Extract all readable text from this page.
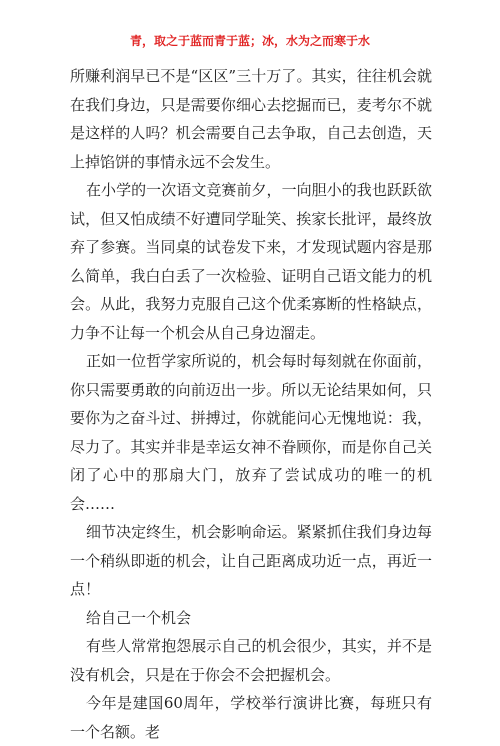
青，取之于蓝而青于蓝；冰，水为之而寒于水

所赚利润早已不是“区区”三十万了。其实，往往机会就在我们身边，只是需要你细心去挖掘而已，麦考尔不就是这样的人吗？机会需要自己去争取，自己去创造，天上掉馅饼的事情永远不会发生。

在小学的一次语文竞赛前夕，一向胆小的我也跃跃欲试，但又怕成绩不好遭同学耻笑、挨家长批评，最终放弃了参赛。当同桌的试卷发下来，才发现试题内容是那么简单，我白白丢了一次检验、证明自己语文能力的机会。从此，我努力克服自己这个优柔寡断的性格缺点，力争不让每一个机会从自己身边溜走。

正如一位哲学家所说的，机会每时每刻就在你面前，你只需要勇敢的向前迈出一步。所以无论结果如何，只要你为之奋斗过、拼搏过，你就能问心无愧地说：我，尽力了。其实并非是幸运女神不眷顾你，而是你自己关闭了心中的那扇大门，放弃了尝试成功的唯一的机会……

细节决定终生，机会影响命运。紧紧抓住我们身边每一个稍纵即逝的机会，让自己距离成功近一点，再近一点！

给自己一个机会

有些人常常抱怨展示自己的机会很少，其实，并不是没有机会，只是在于你会不会把握机会。

今年是建国60周年，学校举行演讲比赛，每班只有一个名额。老
